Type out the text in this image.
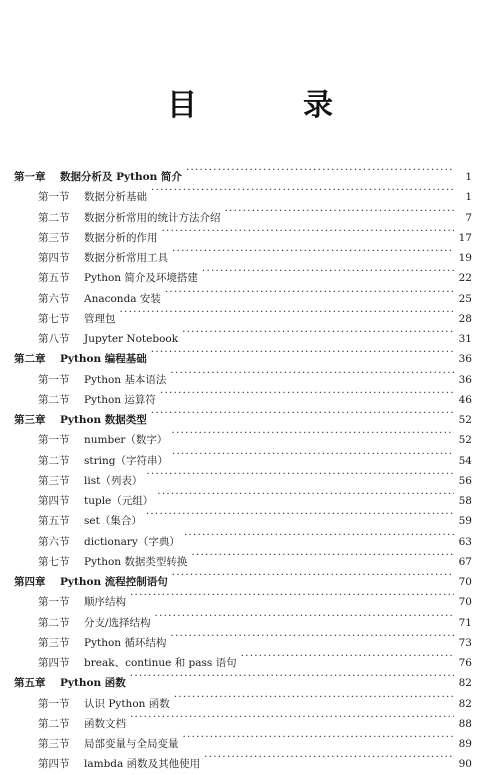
目　录
第一章	数据分析及 Python 简介 ·····	1
第一节	数据分析基础 ·····	1
第二节	数据分析常用的统计方法介绍 ·····	7
第三节	数据分析的作用 ·····	17
第四节	数据分析常用工具 ·····	19
第五节	Python 简介及环境搭建 ·····	22
第六节	Anaconda 安装 ·····	25
第七节	管理包 ·····	28
第八节	Jupyter Notebook ·····	31
第二章	Python 编程基础 ·····	36
第一节	Python 基本语法 ·····	36
第二节	Python 运算符 ·····	46
第三章	Python 数据类型 ·····	52
第一节	number（数字） ·····	52
第二节	string（字符串） ·····	54
第三节	list（列表） ·····	56
第四节	tuple（元组） ·····	58
第五节	set（集合） ·····	59
第六节	dictionary（字典） ·····	63
第七节	Python 数据类型转换 ·····	67
第四章	Python 流程控制语句 ·····	70
第一节	顺序结构 ·····	70
第二节	分支/选择结构 ·····	71
第三节	Python 循环结构 ·····	73
第四节	break、continue 和 pass 语句 ·····	76
第五章	Python 函数 ·····	82
第一节	认识 Python 函数 ·····	82
第二节	函数文档 ·····	88
第三节	局部变量与全局变量 ·····	89
第四节	lambda 函数及其他使用 ·····	90
